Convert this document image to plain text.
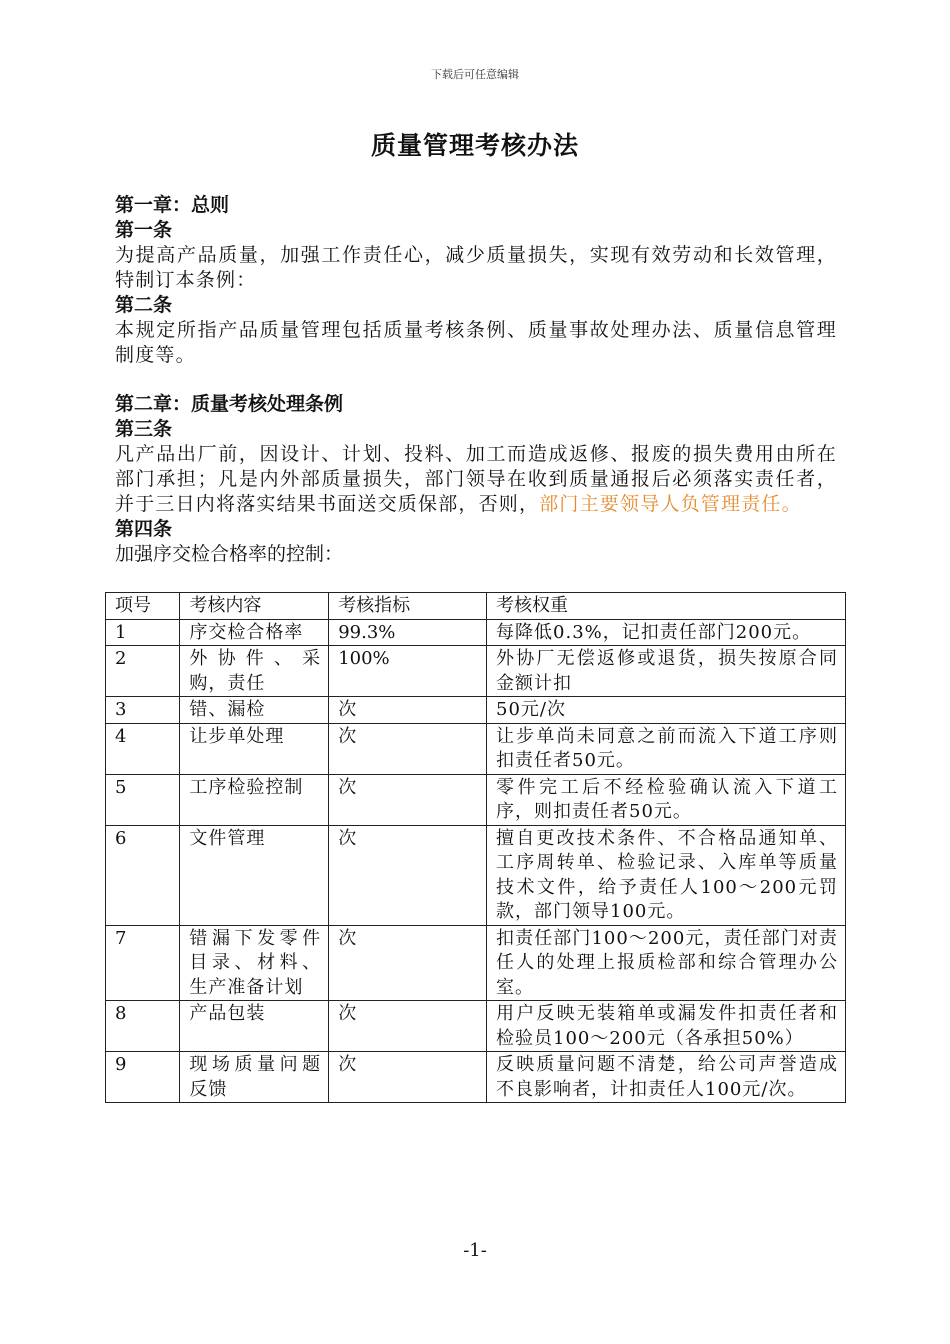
下载后可任意编辑
质量管理考核办法
第一章：总则
第一条
为提高产品质量，加强工作责任心，减少质量损失，实现有效劳动和长效管理，特制订本条例：
第二条
本规定所指产品质量管理包括质量考核条例、质量事故处理办法、质量信息管理制度等。
第二章：质量考核处理条例
第三条
凡产品出厂前，因设计、计划、投料、加工而造成返修、报废的损失费用由所在部门承担；凡是内外部质量损失，部门领导在收到质量通报后必须落实责任者，并于三日内将落实结果书面送交质保部，否则，部门主要领导人负管理责任。
第四条
加强序交检合格率的控制：
项号	考核内容	考核指标	考核权重
1	序交检合格率	99.3%	每降低0.3%，记扣责任部门200元。
2	外协件、采购，责任	100%	外协厂无偿返修或退货，损失按原合同金额计扣
3	错、漏检	次	50元/次
4	让步单处理	次	让步单尚未同意之前而流入下道工序则扣责任者50元。
5	工序检验控制	次	零件完工后不经检验确认流入下道工序，则扣责任者50元。
6	文件管理	次	擅自更改技术条件、不合格品通知单、工序周转单、检验记录、入库单等质量技术文件，给予责任人100～200元罚款，部门领导100元。
7	错漏下发零件目录、材料、生产准备计划	次	扣责任部门100～200元，责任部门对责任人的处理上报质检部和综合管理办公室。
8	产品包装	次	用户反映无装箱单或漏发件扣责任者和检验员100～200元（各承担50%）
9	现场质量问题反馈	次	反映质量问题不清楚，给公司声誉造成不良影响者，计扣责任人100元/次。
-1-
